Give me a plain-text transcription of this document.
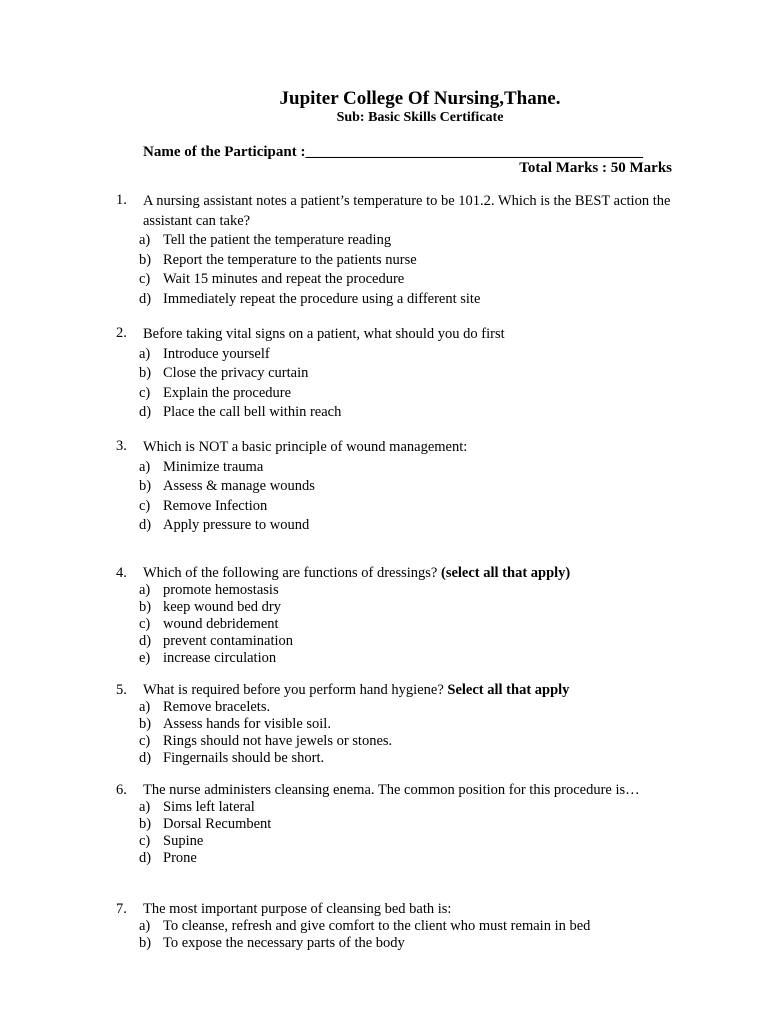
Jupiter College Of Nursing,Thane.
Sub: Basic Skills Certificate
Name of the Participant :_____________________________________________
Total Marks : 50 Marks
1. A nursing assistant notes a patient’s temperature to be 101.2. Which is the BEST action the assistant can take?
a) Tell the patient the temperature reading
b) Report the temperature to the patients nurse
c) Wait 15 minutes and repeat the procedure
d) Immediately repeat the procedure using a different site
2. Before taking vital signs on a patient, what should you do first
a) Introduce yourself
b) Close the privacy curtain
c) Explain the procedure
d) Place the call bell within reach
3. Which is NOT a basic principle of wound management:
a) Minimize trauma
b) Assess & manage wounds
c) Remove Infection
d) Apply pressure to wound
4. Which of the following are functions of dressings? (select all that apply)
a) promote hemostasis
b) keep wound bed dry
c) wound debridement
d) prevent contamination
e) increase circulation
5. What is required before you perform hand hygiene? Select all that apply
a) Remove bracelets.
b) Assess hands for visible soil.
c) Rings should not have jewels or stones.
d) Fingernails should be short.
6. The nurse administers cleansing enema. The common position for this procedure is…
a) Sims left lateral
b) Dorsal Recumbent
c) Supine
d) Prone
7. The most important purpose of cleansing bed bath is:
a) To cleanse, refresh and give comfort to the client who must remain in bed
b) To expose the necessary parts of the body
